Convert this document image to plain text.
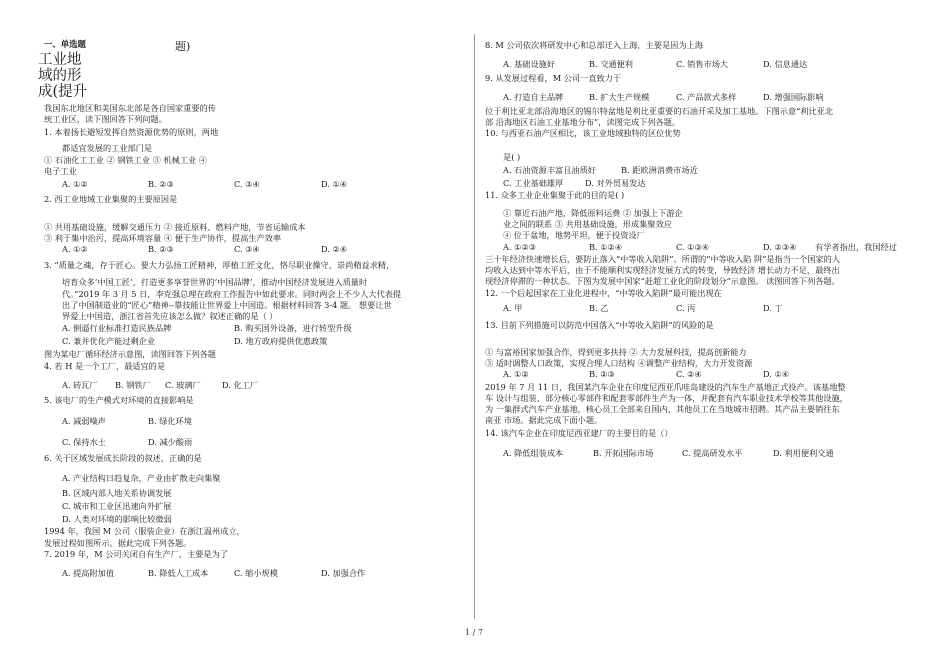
一、单选题
工业地
题)
域的形
成(提升
我国东北地区和美国东北部是各自国家重要的传
统工业区，读下图回答下列问题。
1. 本着扬长避短发挥自然资源优势的原则，两地
都适宜发展的工业部门是
① 石油化工工业 ② 钢铁工业 ③ 机械工业 ④
电子工业
A. ①②	B. ②③	C. ③④	D. ①④
2. 西工业地域工业集聚的主要原因是
① 共用基础设施，缓解交通压力 ② 接近原料、燃料产地，节省运输成本
③ 利于集中治污，提高环境容量 ④ 便于生产协作，提高生产效率
A. ①②	B. ②③	C. ③④	D. ②④
3. “质量之魂，存于匠心。要大力弘扬工匠精神，厚植工匠文化，恪尽职业操守，崇尚精益求精，
培育众多‘中国工匠’，打造更多享誉世界的‘中国品牌’，推动中国经济发展进入质量时
代。”2019 年 3 月 5 日，李克强总理在政府工作报告中如此要求。同时两会上不少人大代表提
出了中国制造业的“匠心”精神--靠技能让世界爱上中国造。根据材料回答 3-4 题。 想要让世
界爱上中国造，浙江省首先应该怎么做？叙述正确的是（ ）
A. 倒逼行业标准打造民族品牌	B. 购买国外设备，进行转型升级
C. 兼并优化产能过剩企业	D. 地方政府提供优惠政策
图为某电厂循环经济示意图，读图回答下列各题
4. 若 H 是一个工厂，最适宜的是
A. 砖瓦厂 B. 钢铁厂 C. 玻璃厂	D. 化工厂
5. 该电厂的生产模式对环境的直接影响是
A. 减弱噪声	B. 绿化环境
C. 保持水土	D. 减少酸雨
6. 关于区域发展成长阶段的叙述，正确的是
A. 产业结构日趋复杂，产业由扩散走向集聚
B. 区域内部人地关系协调发展
C. 城市和工业区迅速向外扩展
D. 人类对环境的影响比较微弱
1994 年，我国 M 公司（服装企业）在浙江温州成立，
发展过程如图所示。据此完成下列各题。
7. 2019 年，M 公司关闭自有生产厂，主要是为了
A. 提高附加值	B. 降低人工成本	C. 缩小规模	D. 加强合作
8. M 公司依次将研发中心和总部迁入上海，主要是因为上海
A. 基础设施好	B. 交通便利	C. 销售市场大	D. 信息通达
9. 从发展过程看，M 公司一直致力于
A. 打造自主品牌	B. 扩大生产规模	C. 产品款式多样	D. 增强国际影响
位于利比亚北部沿海地区的锡尔特盆地是利比亚重要的石油开采及加工基地。下图示意“利比亚北
部 沿海地区石油工业基地分布”，读图完成下列各题。
10. 与西亚石油产区相比，该工业地域独特的区位优势
是( )
A. 石油资源丰富且油质好	B. 距欧洲消费市场近
C. 工业基础雄厚	D. 对外贸易发达
11. 众多工业企业集聚于此的目的是( )
① 靠近石油产地，降低原料运费 ② 加强上下游企
业之间的联系 ③ 共用基础设施，形成集聚效应
④ 位于盆地，地势平坦，便于投资设厂
A. ①②③	B. ①②④	C. ①③④	D. ②③④ 有学者指出，我国经过
三十年经济快速增长后，要防止落入“中等收入陷阱”。所谓的“中等收入陷 阱”是指当一个国家的人
均收入达到中等水平后，由于不能顺利实现经济发展方式的转变，导致经济 增长动力不足，最终出
现经济停滞的一种状态。下图为发展中国家“赶超工业化的阶段划分”示意图。 读图回答下列各题。
12. 一个后起国家在工业化进程中，“中等收入陷阱”最可能出现在
A. 甲	B. 乙	C. 丙	D. 丁
13. 目前下列措施可以防范中国落入“中等收入陷阱”的风险的是
① 与富裕国家加强合作，得到更多扶持 ② 大力发展科技，提高创新能力
③ 适时调整人口政策，实现合理人口结构 ④调整产业结构，大力开发资源
A. ①②	B. ②③	C. ②④	D. ①④
2019 年 7 月 11 日，我国某汽车企业在印度尼西亚爪哇岛建设的汽车生产基地正式投产。该基地整
车 设计与组装、部分核心零部件和配套零部件生产为一体，并配套有汽车职业技术学校等其他设施，
为 一集群式汽车产业基地，核心员工全部来自国内，其他员工在当地城市招聘。其产品主要销往东
南亚 市场。据此完成下面小题。
14. 该汽车企业在印度尼西亚建厂的主要目的是（）
A. 降低组装成本	B. 开拓国际市场	C. 提高研发水平	D. 利用便利交通
1 / 7
